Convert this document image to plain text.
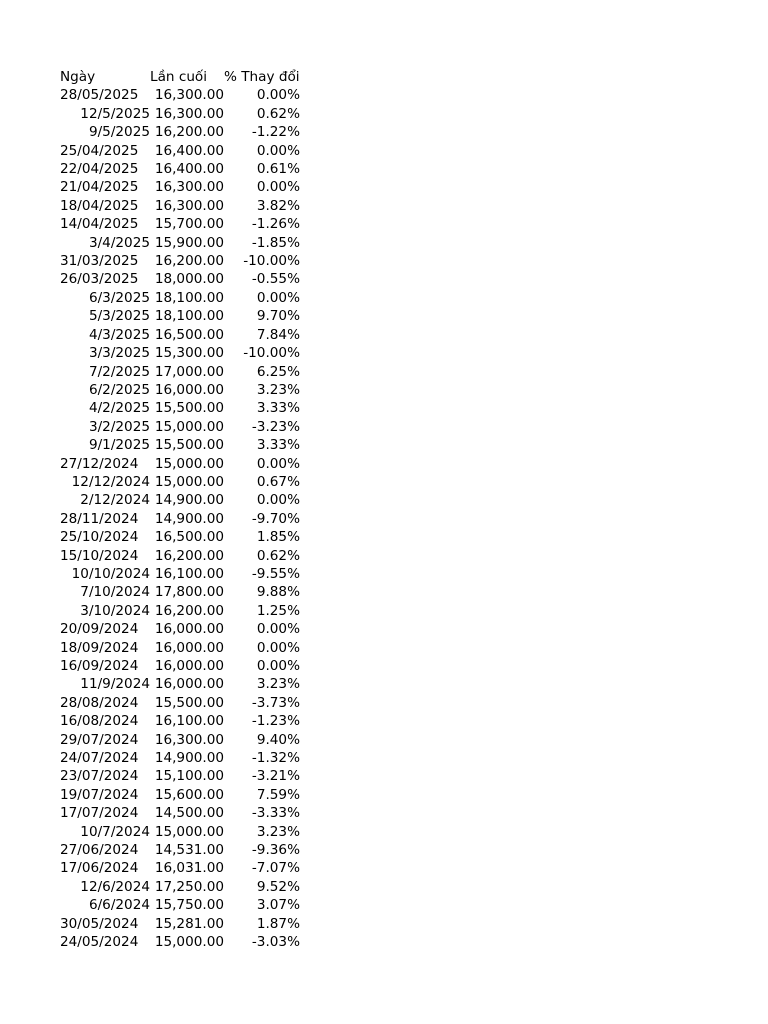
Ngày	Lần cuối	% Thay đổi
28/05/2025	16,300.00	0.00%
12/5/2025	16,300.00	0.62%
9/5/2025	16,200.00	-1.22%
25/04/2025	16,400.00	0.00%
22/04/2025	16,400.00	0.61%
21/04/2025	16,300.00	0.00%
18/04/2025	16,300.00	3.82%
14/04/2025	15,700.00	-1.26%
3/4/2025	15,900.00	-1.85%
31/03/2025	16,200.00	-10.00%
26/03/2025	18,000.00	-0.55%
6/3/2025	18,100.00	0.00%
5/3/2025	18,100.00	9.70%
4/3/2025	16,500.00	7.84%
3/3/2025	15,300.00	-10.00%
7/2/2025	17,000.00	6.25%
6/2/2025	16,000.00	3.23%
4/2/2025	15,500.00	3.33%
3/2/2025	15,000.00	-3.23%
9/1/2025	15,500.00	3.33%
27/12/2024	15,000.00	0.00%
12/12/2024	15,000.00	0.67%
2/12/2024	14,900.00	0.00%
28/11/2024	14,900.00	-9.70%
25/10/2024	16,500.00	1.85%
15/10/2024	16,200.00	0.62%
10/10/2024	16,100.00	-9.55%
7/10/2024	17,800.00	9.88%
3/10/2024	16,200.00	1.25%
20/09/2024	16,000.00	0.00%
18/09/2024	16,000.00	0.00%
16/09/2024	16,000.00	0.00%
11/9/2024	16,000.00	3.23%
28/08/2024	15,500.00	-3.73%
16/08/2024	16,100.00	-1.23%
29/07/2024	16,300.00	9.40%
24/07/2024	14,900.00	-1.32%
23/07/2024	15,100.00	-3.21%
19/07/2024	15,600.00	7.59%
17/07/2024	14,500.00	-3.33%
10/7/2024	15,000.00	3.23%
27/06/2024	14,531.00	-9.36%
17/06/2024	16,031.00	-7.07%
12/6/2024	17,250.00	9.52%
6/6/2024	15,750.00	3.07%
30/05/2024	15,281.00	1.87%
24/05/2024	15,000.00	-3.03%
